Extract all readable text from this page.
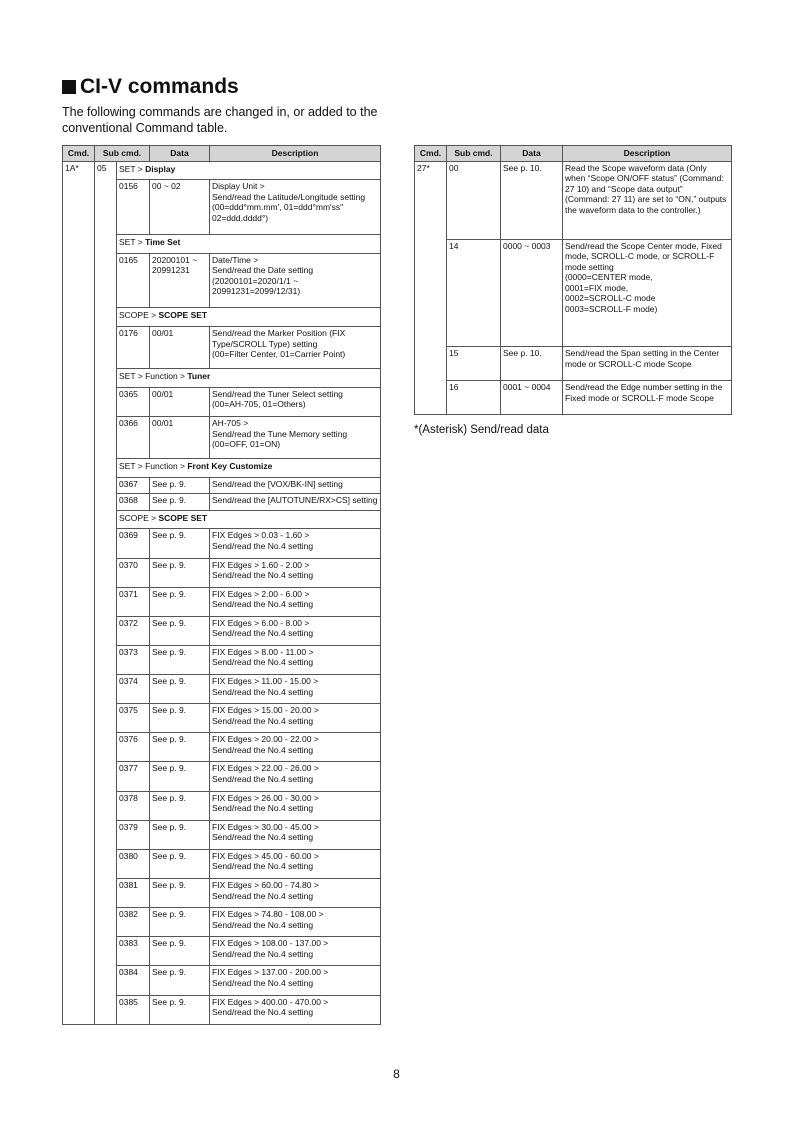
CI-V commands

The following commands are changed in, or added to the conventional Command table.

Cmd.	Sub cmd.		Data	Description
1A*	05	SET > Display		
		0156	00 ~ 02	Display Unit >
Send/read the Latitude/Longitude setting
(00=ddd°mm.mm', 01=ddd°mm'ss"
02=ddd.dddd°)

		SET > Time Set		
		0165	20200101 ~ 20991231	Date/Time >
Send/read the Date setting
(20200101=2020/1/1 ~
20991231=2099/12/31)

		SCOPE > SCOPE SET		
		0176	00/01	Send/read the Marker Position (FIX Type/SCROLL Type) setting
(00=Filter Center, 01=Carrier Point)

		SET > Function > Tuner		
		0365	00/01	Send/read the Tuner Select setting
(00=AH-705, 01=Others)

		0366	00/01	AH-705 >
Send/read the Tune Memory setting
(00=OFF, 01=ON)

		SET > Function > Front Key Customize		
		0367	See p. 9.	Send/read the [VOX/BK-IN] setting

		0368	See p. 9.	Send/read the [AUTOTUNE/RX>CS] setting

		SCOPE > SCOPE SET		
		0369	See p. 9.	FIX Edges > 0.03 - 1.60 >
Send/read the No.4 setting

		0370	See p. 9.	FIX Edges > 1.60 - 2.00 >
Send/read the No.4 setting

		0371	See p. 9.	FIX Edges > 2.00 - 6.00 >
Send/read the No.4 setting

		0372	See p. 9.	FIX Edges > 6.00 - 8.00 >
Send/read the No.4 setting

		0373	See p. 9.	FIX Edges > 8.00 - 11.00 >
Send/read the No.4 setting

		0374	See p. 9.	FIX Edges > 11.00 - 15.00 >
Send/read the No.4 setting

		0375	See p. 9.	FIX Edges > 15.00 - 20.00 >
Send/read the No.4 setting

		0376	See p. 9.	FIX Edges > 20.00 - 22.00 >
Send/read the No.4 setting

		0377	See p. 9.	FIX Edges > 22.00 - 26.00 >
Send/read the No.4 setting

		0378	See p. 9.	FIX Edges > 26.00 - 30.00 >
Send/read the No.4 setting

		0379	See p. 9.	FIX Edges > 30.00 - 45.00 >
Send/read the No.4 setting

		0380	See p. 9.	FIX Edges > 45.00 - 60.00 >
Send/read the No.4 setting

		0381	See p. 9.	FIX Edges > 60.00 - 74.80 >
Send/read the No.4 setting

		0382	See p. 9.	FIX Edges > 74.80 - 108.00 >
Send/read the No.4 setting

		0383	See p. 9.	FIX Edges > 108.00 - 137.00 >
Send/read the No.4 setting

		0384	See p. 9.	FIX Edges > 137.00 - 200.00 >
Send/read the No.4 setting

		0385	See p. 9.	FIX Edges > 400.00 - 470.00 >
Send/read the No.4 setting
Cmd.	Sub cmd.	Data	Description
27*	00	See p. 10.	Read the Scope waveform data (Only when “Scope ON/OFF status” (Command: 27 10) and “Scope data output” (Command: 27 11) are set to “ON,” outputs the waveform data to the controller.)

	14	0000 ~ 0003	Send/read the Scope Center mode, Fixed mode, SCROLL-C mode, or SCROLL-F mode setting
(0000=CENTER mode,
0001=FIX mode,
0002=SCROLL-C mode
0003=SCROLL-F mode)

	15	See p. 10.	Send/read the Span setting in the Center mode or SCROLL-C mode Scope

	16	0001 ~ 0004	Send/read the Edge number setting in the Fixed mode or SCROLL-F mode Scope

*(Asterisk) Send/read data

8
